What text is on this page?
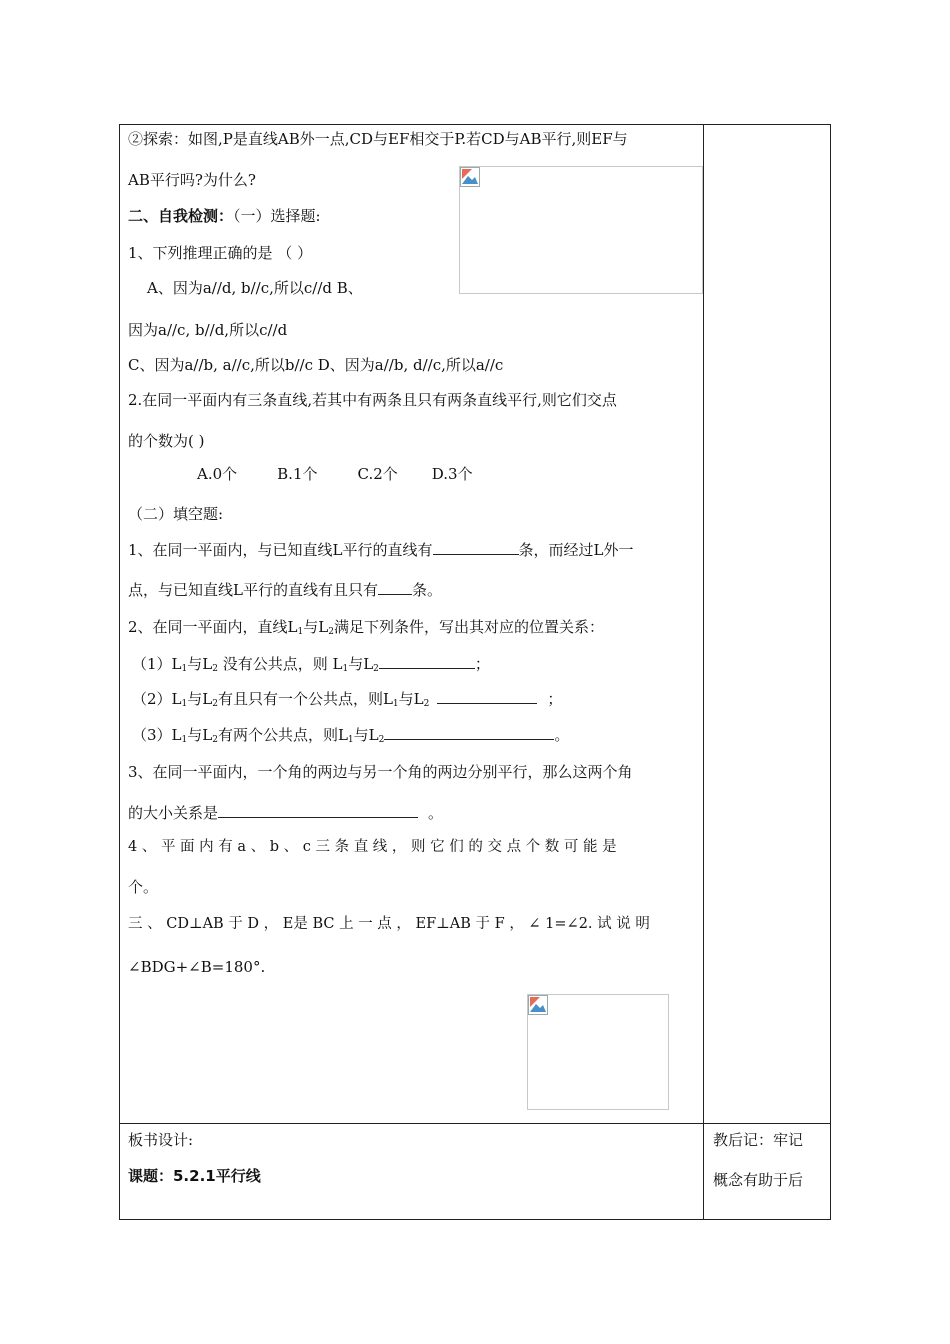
②探索：如图,P是直线AB外一点,CD与EF相交于P.若CD与AB平行,则EF与
AB平行吗?为什么?
二、自我检测：（一）选择题:
1、下列推理正确的是 （ ）
A、因为a//d, b//c,所以c//d B、
因为a//c, b//d,所以c//d
C、因为a//b, a//c,所以b//c D、因为a//b, d//c,所以a//c
2.在同一平面内有三条直线,若其中有两条且只有两条直线平行,则它们交点
的个数为( )
A.0个	B.1个	C.2个 D.3个
（二）填空题:
1、在同一平面内，与已知直线L平行的直线有	条，而经过L外一
点，与已知直线L平行的直线有且只有 条。
2、在同一平面内，直线$L_1$与$L_2$满足下列条件，写出其对应的位置关系：
$(1)L_1$与$L_2$ 没有公共点，则 $L_1$与$L_2$	；
$(2)L_1$与$L_2$有且只有一个公共点，则$L_1$与$L_2$	；
$(3)L_1$与$L_2$有两个公共点，则$L_1$与$L_2$	。
3、在同一平面内，一个角的两边与另一个角的两边分别平行，那么这两个角
的大小关系是	。
4 、 平 面 内 有 a 、 b 、 c 三 条 直 线 ， 则 它 们 的 交 点 个 数 可 能 是
个。
三 、 CD⊥AB 于 D ， E是 BC 上 一 点 ， EF⊥AB 于 F ， ∠ 1=∠2. 试 说 明
∠BDG+∠B=180°.
板书设计:
课题：5.2.1平行线
教后记：牢记
概念有助于后
